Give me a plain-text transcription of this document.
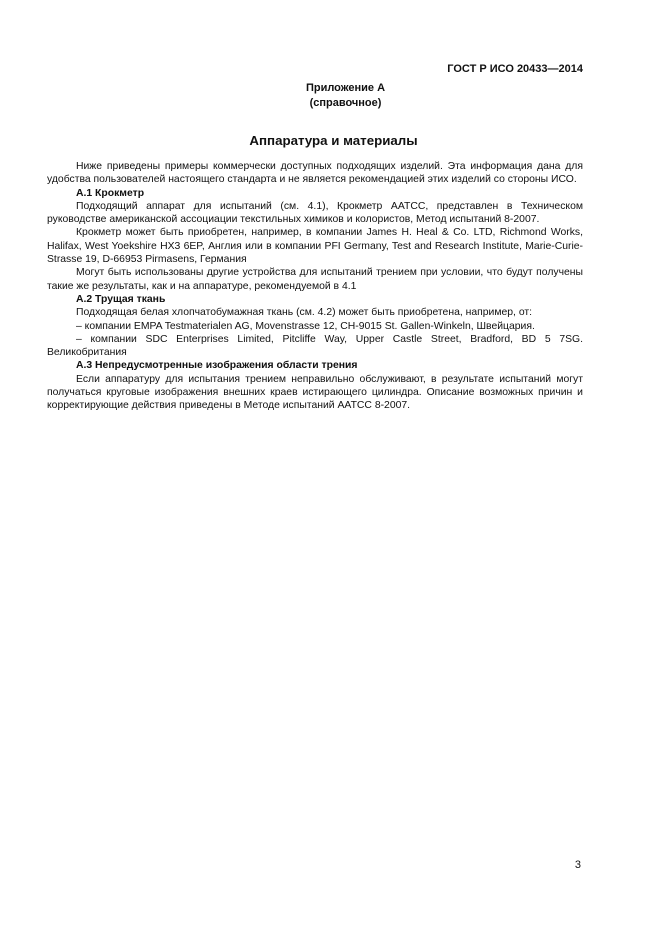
ГОСТ Р ИСО 20433—2014
Приложение А
(справочное)
Аппаратура и материалы

Ниже приведены примеры коммерчески доступных подходящих изделий. Эта информация дана для удобства пользователей настоящего стандарта и не является рекомендацией этих изделий со стороны ИСО.

А.1 Крокметр

Подходящий аппарат для испытаний (см. 4.1), Крокметр AATCC, представлен в Техническом руководстве американской ассоциации текстильных химиков и колористов, Метод испытаний 8-2007.

Крокметр может быть приобретен, например, в компании James H. Heal & Co. LTD, Richmond Works, Halifax, West Yoekshire HX3 6EP, Англия или в компании PFI Germany, Test and Research Institute, Marie-Curie-Strasse 19, D-66953 Pirmasens, Германия

Могут быть использованы другие устройства для испытаний трением при условии, что будут получены такие же результаты, как и на аппаратуре, рекомендуемой в 4.1

А.2 Трущая ткань

Подходящая белая хлопчатобумажная ткань (см. 4.2) может быть приобретена, например, от:

– компании EMPA Testmaterialen AG, Movenstrasse 12, CH-9015 St. Gallen-Winkeln, Швейцария.

– компании SDC Enterprises Limited, Pitcliffe Way, Upper Castle Street, Bradford, BD 5 7SG. Великобритания

А.3 Непредусмотренные изображения области трения

Если аппаратуру для испытания трением неправильно обслуживают, в результате испытаний могут получаться круговые изображения внешних краев истирающего цилиндра. Описание возможных причин и корректирующие действия приведены в Методе испытаний AATCC 8-2007.

3
